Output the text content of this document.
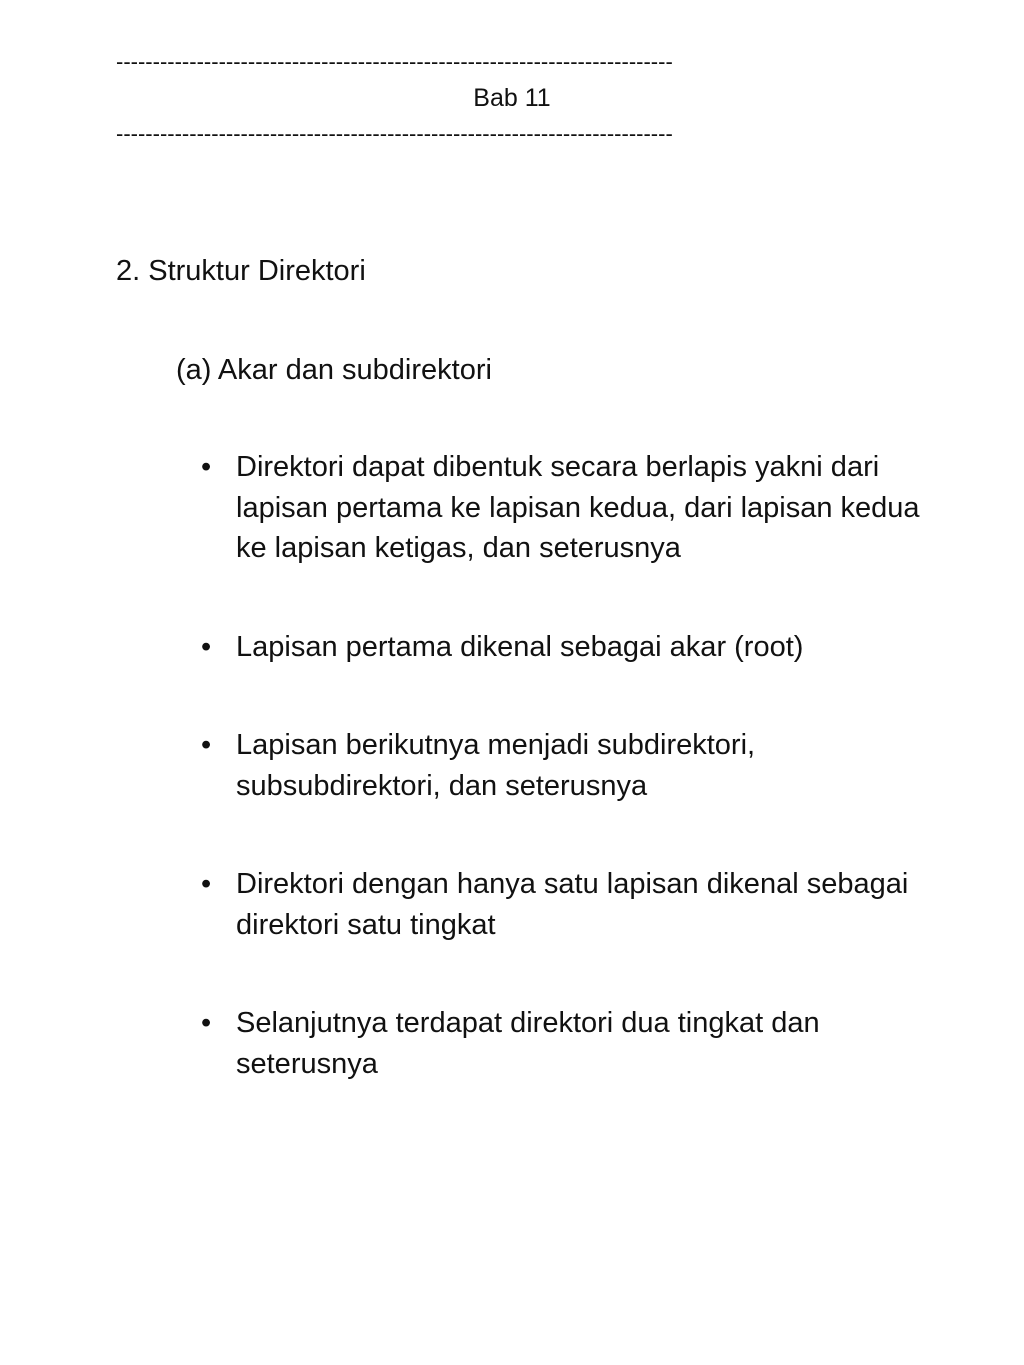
----------------------------------------------------------------------------
Bab 11
----------------------------------------------------------------------------
2. Struktur Direktori
(a) Akar dan subdirektori
• Direktori dapat dibentuk secara berlapis yakni dari lapisan pertama ke lapisan kedua, dari lapisan kedua ke lapisan ketigas, dan seterusnya
• Lapisan pertama dikenal sebagai akar (root)
• Lapisan berikutnya menjadi subdirektori, subsubdirektori, dan seterusnya
• Direktori dengan hanya satu lapisan dikenal sebagai direktori satu tingkat
• Selanjutnya terdapat direktori dua tingkat dan seterusnya
